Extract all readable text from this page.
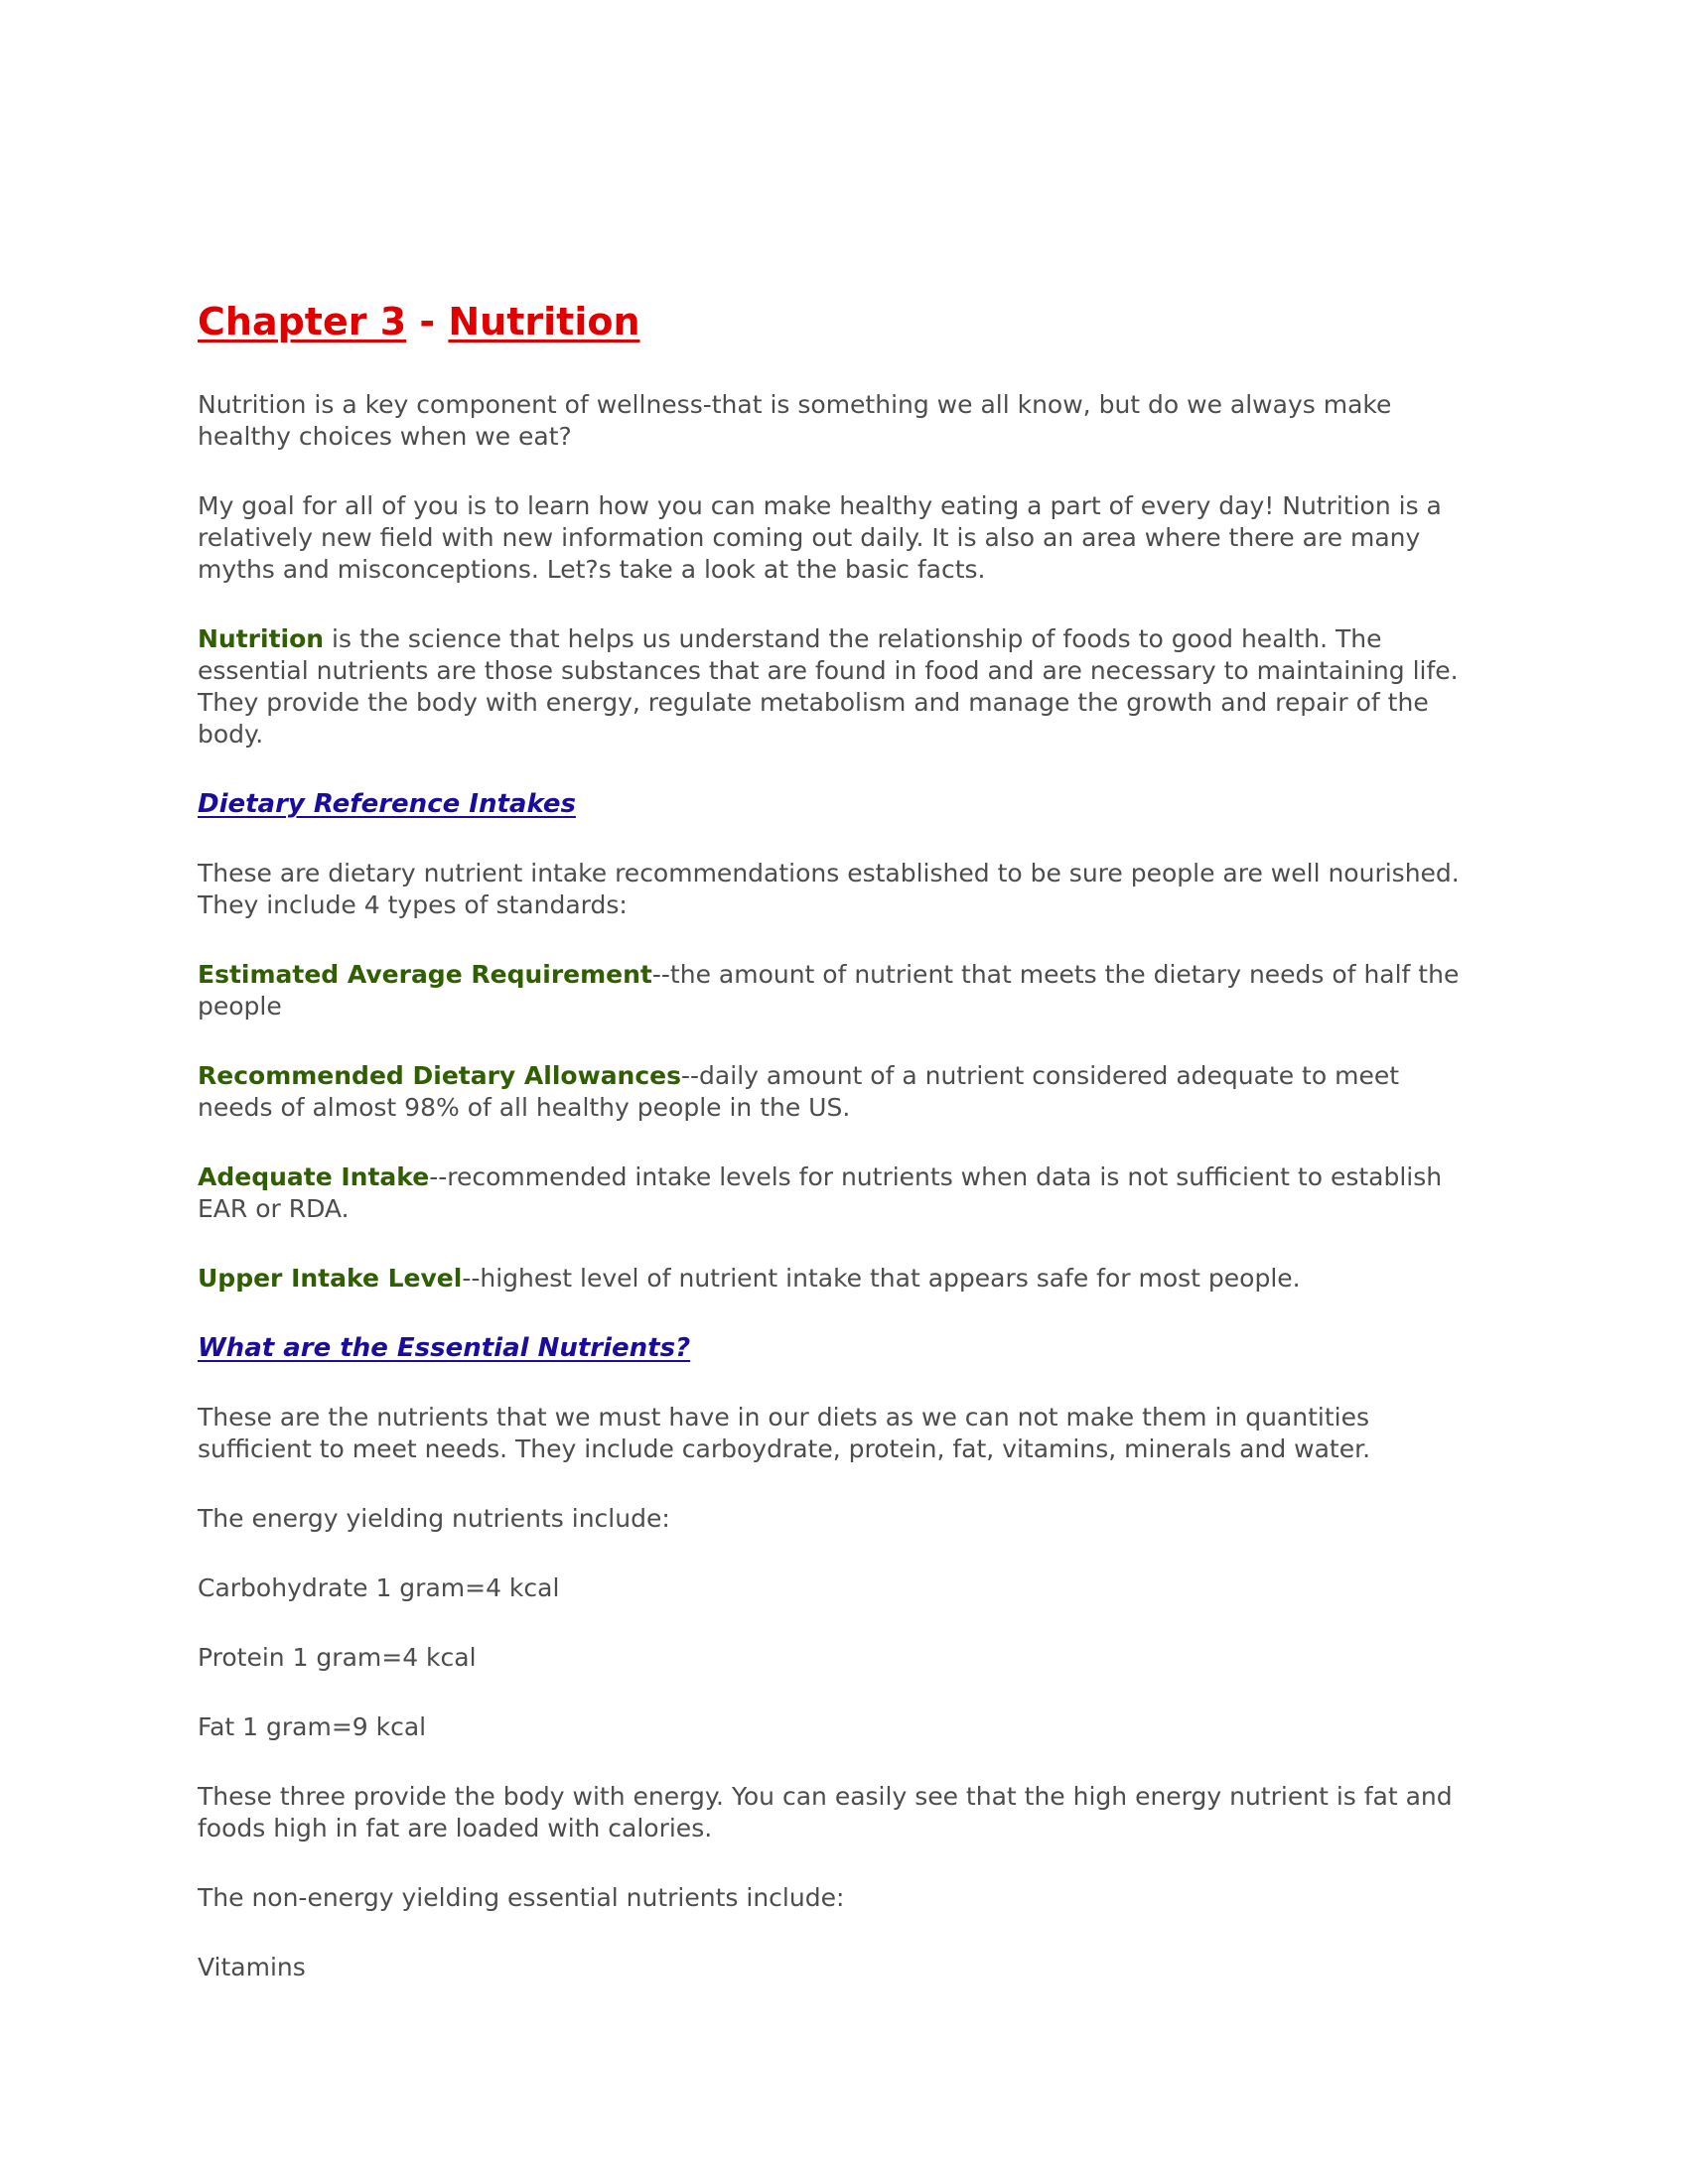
Chapter 3 - Nutrition

Nutrition is a key component of wellness-that is something we all know, but do we always make healthy choices when we eat?

My goal for all of you is to learn how you can make healthy eating a part of every day! Nutrition is a relatively new field with new information coming out daily. It is also an area where there are many myths and misconceptions. Let?s take a look at the basic facts.

Nutrition is the science that helps us understand the relationship of foods to good health. The essential nutrients are those substances that are found in food and are necessary to maintaining life. They provide the body with energy, regulate metabolism and manage the growth and repair of the body.

Dietary Reference Intakes

These are dietary nutrient intake recommendations established to be sure people are well nourished. They include 4 types of standards:

Estimated Average Requirement--the amount of nutrient that meets the dietary needs of half the people

Recommended Dietary Allowances--daily amount of a nutrient considered adequate to meet needs of almost 98% of all healthy people in the US.

Adequate Intake--recommended intake levels for nutrients when data is not sufficient to establish EAR or RDA.

Upper Intake Level--highest level of nutrient intake that appears safe for most people.

What are the Essential Nutrients?

These are the nutrients that we must have in our diets as we can not make them in quantities sufficient to meet needs. They include carboydrate, protein, fat, vitamins, minerals and water.

The energy yielding nutrients include:

Carbohydrate 1 gram=4 kcal

Protein 1 gram=4 kcal

Fat 1 gram=9 kcal

These three provide the body with energy. You can easily see that the high energy nutrient is fat and foods high in fat are loaded with calories.

The non-energy yielding essential nutrients include:

Vitamins
